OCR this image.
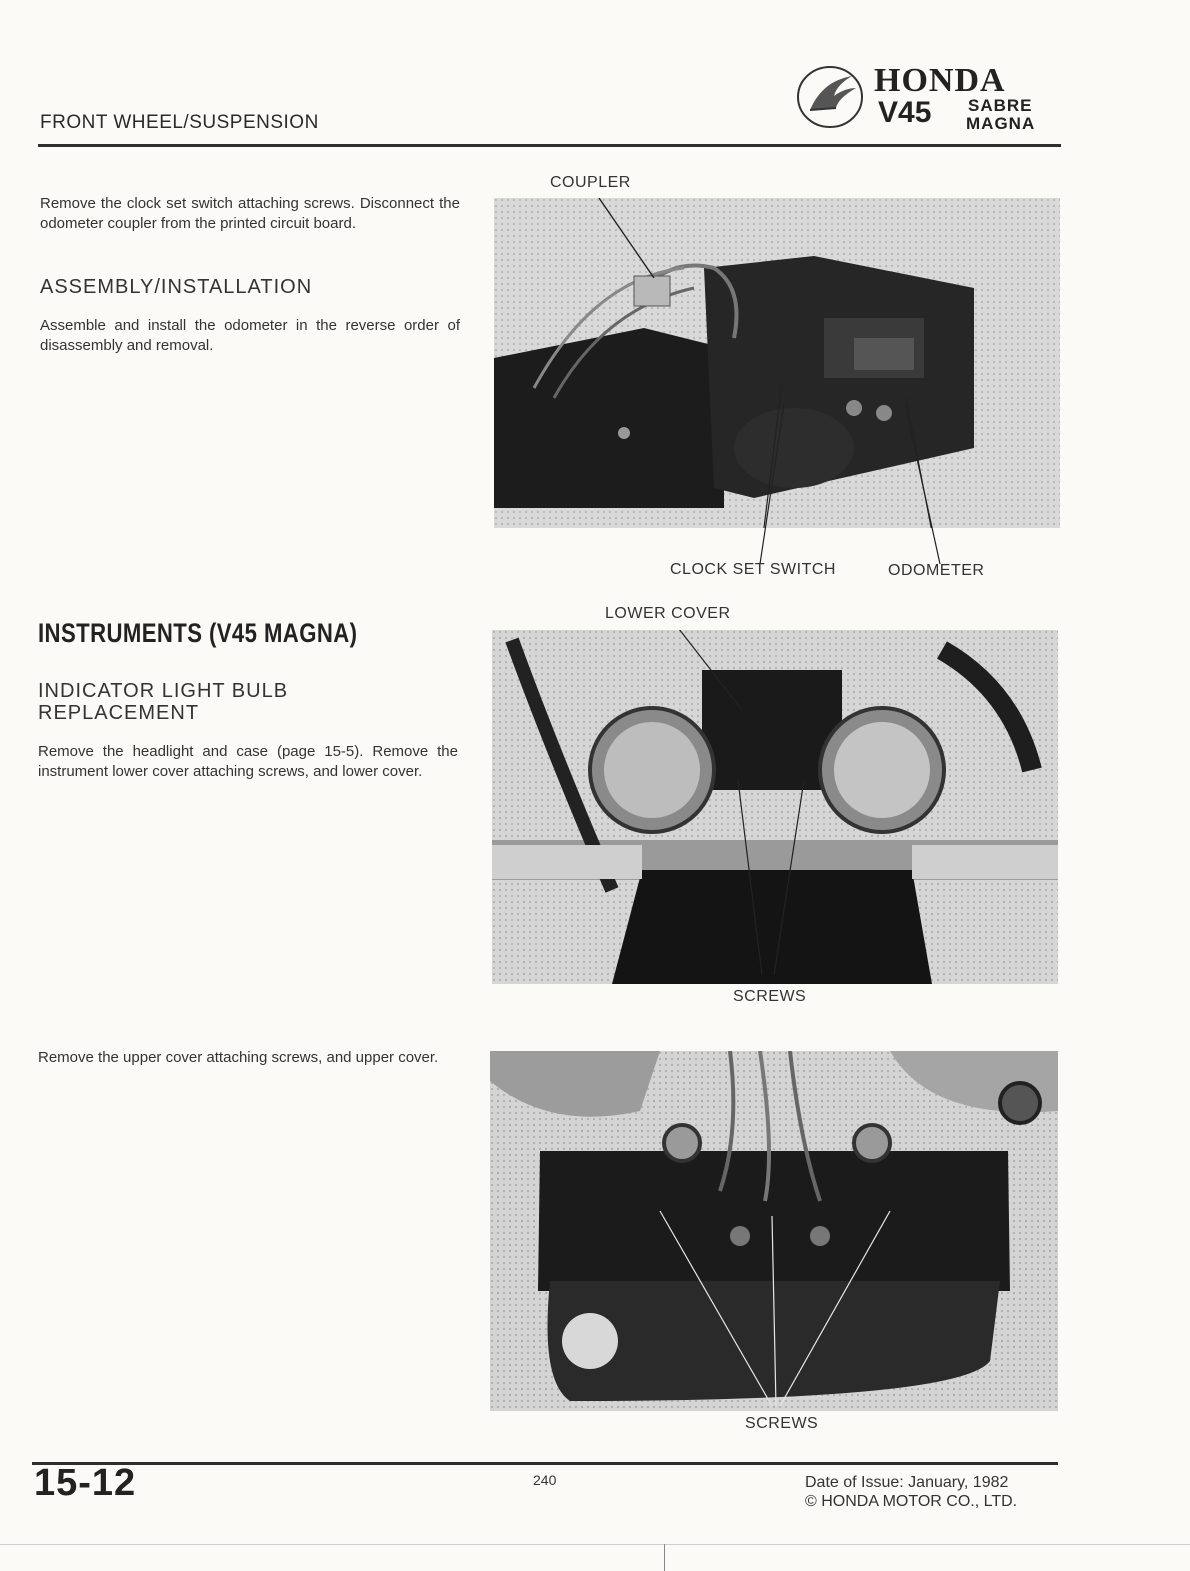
FRONT WHEEL/SUSPENSION
HONDA
V45 SABRE
MAGNA
Remove the clock set switch attaching screws. Disconnect the odometer coupler from the printed circuit board.
ASSEMBLY/INSTALLATION
Assemble and install the odometer in the reverse order of disassembly and removal.
COUPLER
CLOCK SET SWITCH	ODOMETER
INSTRUMENTS (V45 MAGNA)
INDICATOR LIGHT BULB
REPLACEMENT
Remove the headlight and case (page 15-5). Remove the instrument lower cover attaching screws, and lower cover.
LOWER COVER
SCREWS
Remove the upper cover attaching screws, and upper cover.
SCREWS
15-12	240	Date of Issue: January, 1982
© HONDA MOTOR CO., LTD.
